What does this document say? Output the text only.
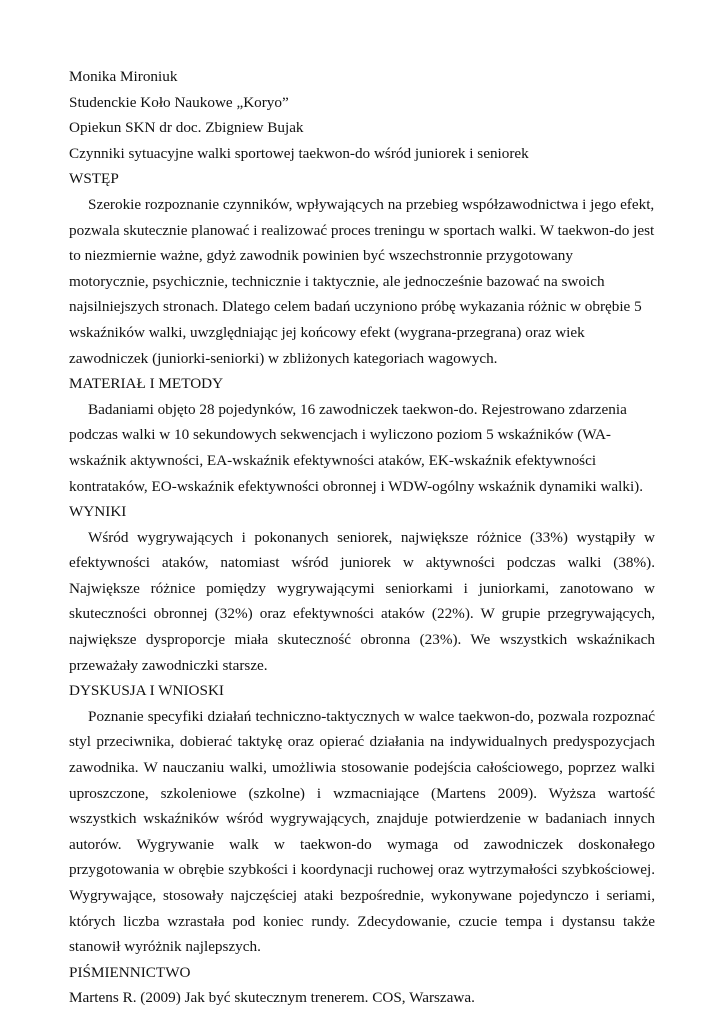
Monika Mironiuk
Studenckie Koło Naukowe „Koryo”
Opiekun SKN dr doc. Zbigniew Bujak
Czynniki sytuacyjne walki sportowej taekwon-do wśród juniorek i seniorek
WSTĘP

Szerokie rozpoznanie czynników, wpływających na przebieg współzawodnictwa i jego efekt, pozwala skutecznie planować i realizować proces treningu w sportach walki. W taekwon-do jest to niezmiernie ważne, gdyż zawodnik powinien być wszechstronnie przygotowany motorycznie, psychicznie, technicznie i taktycznie, ale jednocześnie bazować na swoich najsilniejszych stronach. Dlatego celem badań uczyniono próbę wykazania różnic w obrębie 5 wskaźników walki, uwzględniając jej końcowy efekt (wygrana-przegrana) oraz wiek zawodniczek (juniorki-seniorki) w zbliżonych kategoriach wagowych.

MATERIAŁ I METODY

Badaniami objęto 28 pojedynków, 16 zawodniczek taekwon-do. Rejestrowano zdarzenia podczas walki w 10 sekundowych sekwencjach i wyliczono poziom 5 wskaźników (WA- wskaźnik aktywności, EA-wskaźnik efektywności ataków, EK-wskaźnik efektywności kontrataków, EO-wskaźnik efektywności obronnej i WDW-ogólny wskaźnik dynamiki walki).

WYNIKI

Wśród wygrywających i pokonanych seniorek, największe różnice (33%) wystąpiły w efektywności ataków, natomiast wśród juniorek w aktywności podczas walki (38%). Największe różnice pomiędzy wygrywającymi seniorkami i juniorkami, zanotowano w skuteczności obronnej (32%) oraz efektywności ataków (22%). W grupie przegrywających, największe dysproporcje miała skuteczność obronna (23%). We wszystkich wskaźnikach przeważały zawodniczki starsze.

DYSKUSJA I WNIOSKI

Poznanie specyfiki działań techniczno-taktycznych w walce taekwon-do, pozwala rozpoznać styl przeciwnika, dobierać taktykę oraz opierać działania na indywidualnych predyspozycjach zawodnika. W nauczaniu walki, umożliwia stosowanie podejścia całościowego, poprzez walki uproszczone, szkoleniowe (szkolne) i wzmacniające (Martens 2009). Wyższa wartość wszystkich wskaźników wśród wygrywających, znajduje potwierdzenie w badaniach innych autorów. Wygrywanie walk w taekwon-do wymaga od zawodniczek doskonałego przygotowania w obrębie szybkości i koordynacji ruchowej oraz wytrzymałości szybkościowej. Wygrywające, stosowały najczęściej ataki bezpośrednie, wykonywane pojedynczo i seriami, których liczba wzrastała pod koniec rundy. Zdecydowanie, czucie tempa i dystansu także stanowił wyróżnik najlepszych.

PIŚMIENNICTWO
Martens R. (2009) Jak być skutecznym trenerem. COS, Warszawa.
